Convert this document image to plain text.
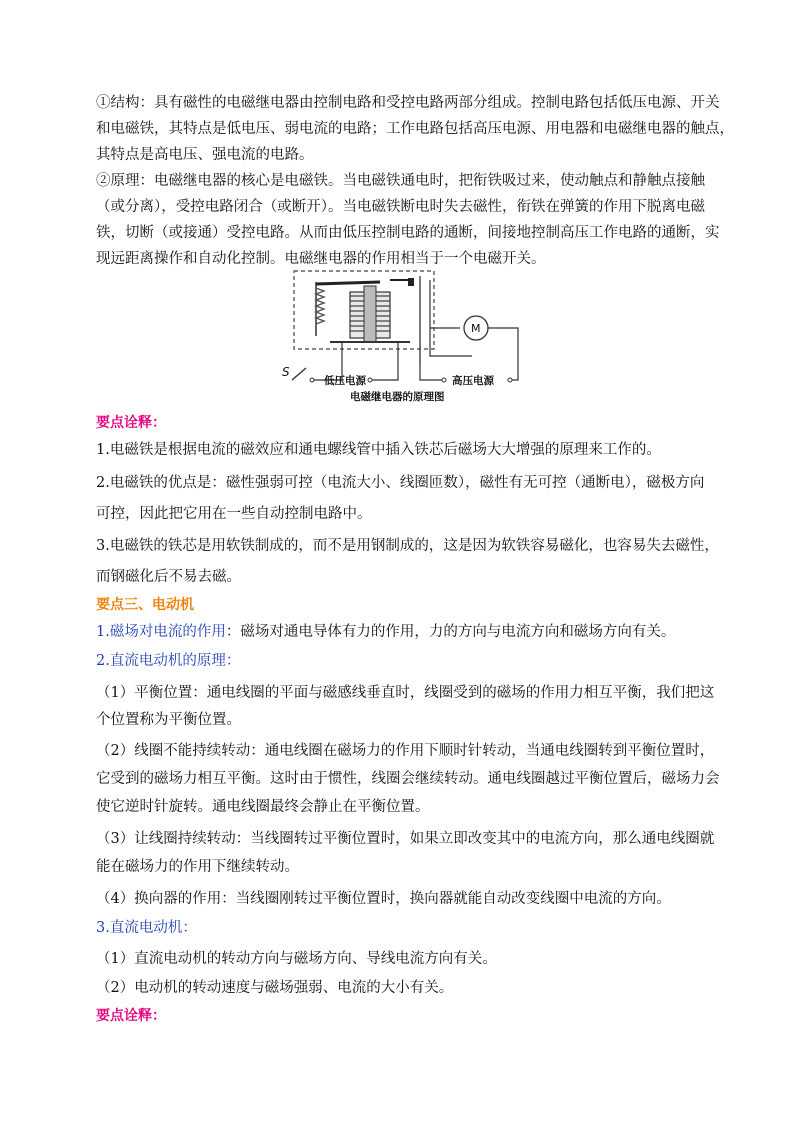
①结构：具有磁性的电磁继电器由控制电路和受控电路两部分组成。控制电路包括低压电源、开关

和电磁铁，其特点是低电压、弱电流的电路；工作电路包括高压电源、用电器和电磁继电器的触点，

其特点是高电压、强电流的电路。

②原理：电磁继电器的核心是电磁铁。当电磁铁通电时，把衔铁吸过来，使动触点和静触点接触

（或分离），受控电路闭合（或断开）。当电磁铁断电时失去磁性，衔铁在弹簧的作用下脱离电磁

铁，切断（或接通）受控电路。从而由低压控制电路的通断，间接地控制高压工作电路的通断，实

现远距离操作和自动化控制。电磁继电器的作用相当于一个电磁开关。

S
低压电源
M
高压电源
电磁继电器的原理图

要点诠释：

1.电磁铁是根据电流的磁效应和通电螺线管中插入铁芯后磁场大大增强的原理来工作的。

2.电磁铁的优点是：磁性强弱可控（电流大小、线圈匝数），磁性有无可控（通断电），磁极方向

可控，因此把它用在一些自动控制电路中。

3.电磁铁的铁芯是用软铁制成的，而不是用钢制成的，这是因为软铁容易磁化，也容易失去磁性，

而钢磁化后不易去磁。

要点三、电动机

1.磁场对电流的作用：磁场对通电导体有力的作用，力的方向与电流方向和磁场方向有关。

2.直流电动机的原理：

（1）平衡位置：通电线圈的平面与磁感线垂直时，线圈受到的磁场的作用力相互平衡，我们把这

个位置称为平衡位置。

（2）线圈不能持续转动：通电线圈在磁场力的作用下顺时针转动，当通电线圈转到平衡位置时，

它受到的磁场力相互平衡。这时由于惯性，线圈会继续转动。通电线圈越过平衡位置后，磁场力会

使它逆时针旋转。通电线圈最终会静止在平衡位置。

（3）让线圈持续转动：当线圈转过平衡位置时，如果立即改变其中的电流方向，那么通电线圈就

能在磁场力的作用下继续转动。

（4）换向器的作用：当线圈刚转过平衡位置时，换向器就能自动改变线圈中电流的方向。

3.直流电动机：

（1）直流电动机的转动方向与磁场方向、导线电流方向有关。

（2）电动机的转动速度与磁场强弱、电流的大小有关。

要点诠释：
